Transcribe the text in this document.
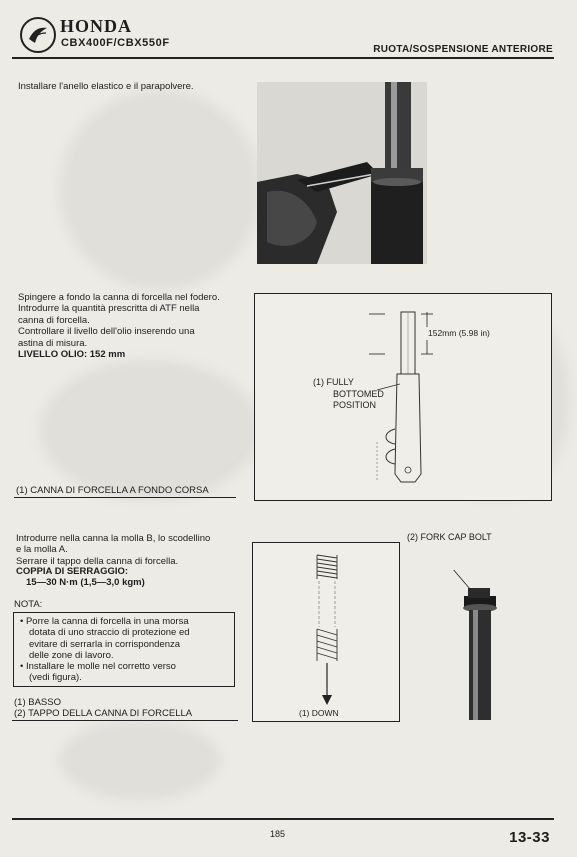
HONDA
CBX400F/CBX550F
RUOTA/SOSPENSIONE ANTERIORE
Installare l'anello elastico e il parapolvere.
Spingere a fondo la canna di forcella nel fodero.
Introdurre la quantità prescritta di ATF nella
canna di forcella.
Controllare il livello dell'olio inserendo una
astina di misura.
LIVELLO OLIO: 152 mm
(1) CANNA DI FORCELLA A FONDO CORSA
152mm (5.98 in)
(1) FULLY
BOTTOMED
POSITION
Introdurre nella canna la molla B, lo scodellino
e la molla A.
Serrare il tappo della canna di forcella.
COPPIA DI SERRAGGIO:
15—30 N·m (1,5—3,0 kgm)
NOTA:
• Porre la canna di forcella in una morsa
dotata di uno straccio di protezione ed
evitare di serrarla in corrispondenza
delle zone di lavoro.
• Installare le molle nel corretto verso
(vedi figura).
(1) BASSO
(2) TAPPO DELLA CANNA DI FORCELLA	(1) DOWN
(2) FORK CAP BOLT
185	13-33
